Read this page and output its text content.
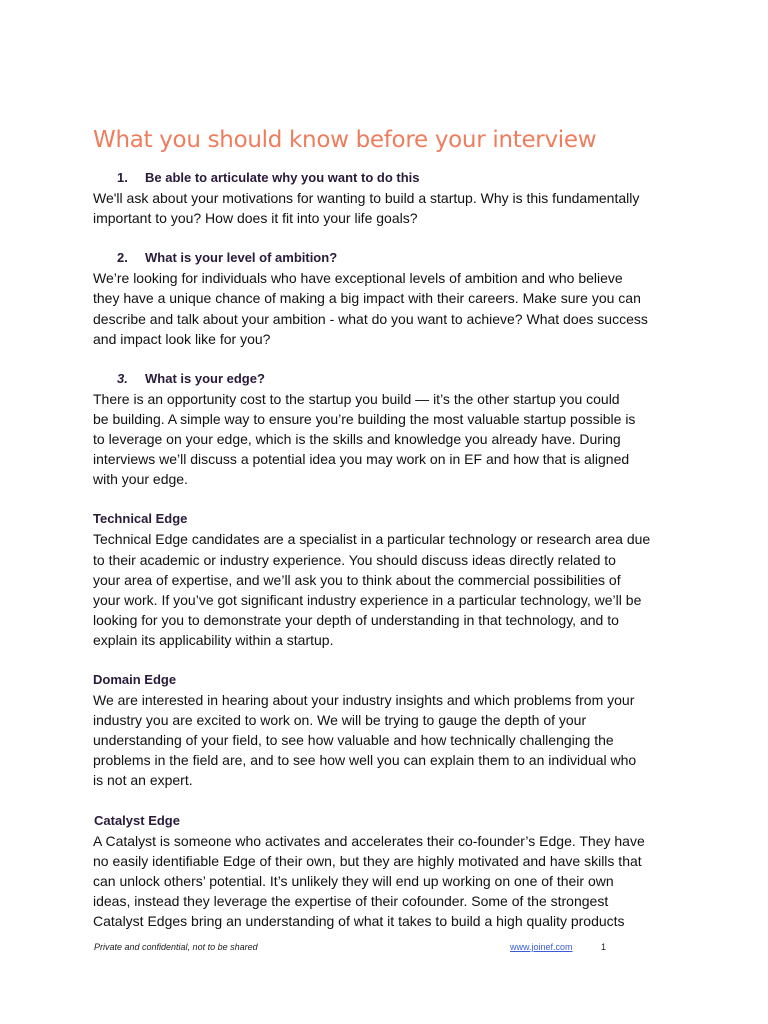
What you should know before your interview

1. Be able to articulate why you want to do this

We'll ask about your motivations for wanting to build a startup. Why is this fundamentally
important to you? How does it fit into your life goals?

2. What is your level of ambition?

We’re looking for individuals who have exceptional levels of ambition and who believe
they have a unique chance of making a big impact with their careers. Make sure you can
describe and talk about your ambition - what do you want to achieve? What does success
and impact look like for you?

3. What is your edge?

There is an opportunity cost to the startup you build — it’s the other startup you could
be building. A simple way to ensure you’re building the most valuable startup possible is
to leverage on your edge, which is the skills and knowledge you already have. During
interviews we’ll discuss a potential idea you may work on in EF and how that is aligned
with your edge.

Technical Edge

Technical Edge candidates are a specialist in a particular technology or research area due
to their academic or industry experience. You should discuss ideas directly related to
your area of expertise, and we’ll ask you to think about the commercial possibilities of
your work. If you’ve got significant industry experience in a particular technology, we’ll be
looking for you to demonstrate your depth of understanding in that technology, and to
explain its applicability within a startup.

Domain Edge

We are interested in hearing about your industry insights and which problems from your
industry you are excited to work on. We will be trying to gauge the depth of your
understanding of your field, to see how valuable and how technically challenging the
problems in the field are, and to see how well you can explain them to an individual who
is not an expert.

Catalyst Edge

A Catalyst is someone who activates and accelerates their co-founder’s Edge. They have
no easily identifiable Edge of their own, but they are highly motivated and have skills that
can unlock others’ potential. It’s unlikely they will end up working on one of their own
ideas, instead they leverage the expertise of their cofounder. Some of the strongest
Catalyst Edges bring an understanding of what it takes to build a high quality products

Private and confidential, not to be shared	www.joinef.com	1
